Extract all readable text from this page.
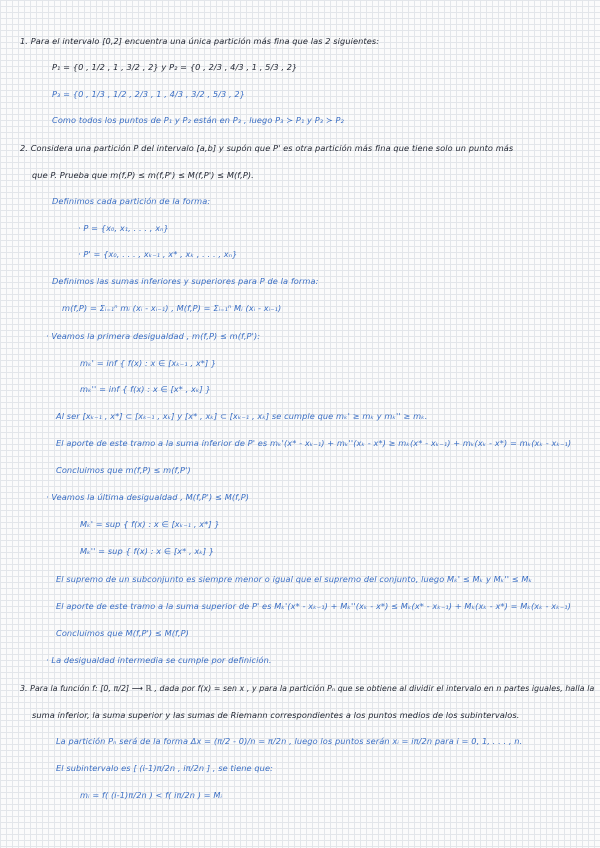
1. Para el intervalo [0,2] encuentra una única partición más fina que las 2 siguientes:
P₁ = {0 , 1/2 , 1 , 3/2 , 2} y P₂ = {0 , 2/3 , 4/3 , 1 , 5/3 , 2}
P₃ = {0 , 1/3 , 1/2 , 2/3 , 1 , 4/3 , 3/2 , 5/3 , 2}
Como todos los puntos de P₁ y P₂ están en P₃ , luego P₃ ≻ P₁ y P₃ ≻ P₂
2. Considera una partición P del intervalo [a,b] y supón que P' es otra partición más fina que tiene solo un punto más
que P. Prueba que m(f,P) ≤ m(f,P') ≤ M(f,P') ≤ M(f,P).
Definimos cada partición de la forma:
· P = {x₀, x₁, . . . , xₙ}
· P' = {x₀, . . . , xₖ₋₁ , x* , xₖ , . . . , xₙ}
Definimos las sumas inferiores y superiores para P de la forma:
m(f,P) = Σᵢ₌₁ⁿ mᵢ (xᵢ - xᵢ₋₁) , M(f,P) = Σᵢ₌₁ⁿ Mᵢ (xᵢ - xᵢ₋₁)
· Veamos la primera desigualdad , m(f,P) ≤ m(f,P'):
mₖ' = inf { f(x) : x ∈ [xₖ₋₁ , x*] }
mₖ'' = inf { f(x) : x ∈ [x* , xₖ] }
Al ser [xₖ₋₁ , x*] ⊂ [xₖ₋₁ , xₖ] y [x* , xₖ] ⊂ [xₖ₋₁ , xₖ] se cumple que mₖ' ≥ mₖ y mₖ'' ≥ mₖ.
El aporte de este tramo a la suma inferior de P' es mₖ'(x* - xₖ₋₁) + mₖ''(xₖ - x*) ≥ mₖ(x* - xₖ₋₁) + mₖ(xₖ - x*) = mₖ(xₖ - xₖ₋₁)
Concluimos que m(f,P) ≤ m(f,P')
· Veamos la última desigualdad , M(f,P') ≤ M(f,P)
Mₖ' = sup { f(x) : x ∈ [xₖ₋₁ , x*] }
Mₖ'' = sup { f(x) : x ∈ [x* , xₖ] }
El supremo de un subconjunto es siempre menor o igual que el supremo del conjunto, luego Mₖ' ≤ Mₖ y Mₖ'' ≤ Mₖ
El aporte de este tramo a la suma superior de P' es Mₖ'(x* - xₖ₋₁) + Mₖ''(xₖ - x*) ≤ Mₖ(x* - xₖ₋₁) + Mₖ(xₖ - x*) = Mₖ(xₖ - xₖ₋₁)
Concluimos que M(f,P') ≤ M(f,P)
· La desigualdad intermedia se cumple por definición.
3. Para la función f: [0, π/2] ⟶ ℝ , dada por f(x) = sen x , y para la partición Pₙ que se obtiene al dividir el intervalo en n partes iguales, halla la
suma inferior, la suma superior y las sumas de Riemann correspondientes a los puntos medios de los subintervalos.
La partición Pₙ será de la forma Δx = (π/2 - 0)/n = π/2n , luego los puntos serán xᵢ = iπ/2n para i = 0, 1, . . . , n.
El subintervalo es [ (i-1)π/2n , iπ/2n ] , se tiene que:
mᵢ = f( (i-1)π/2n ) < f( iπ/2n ) = Mᵢ
